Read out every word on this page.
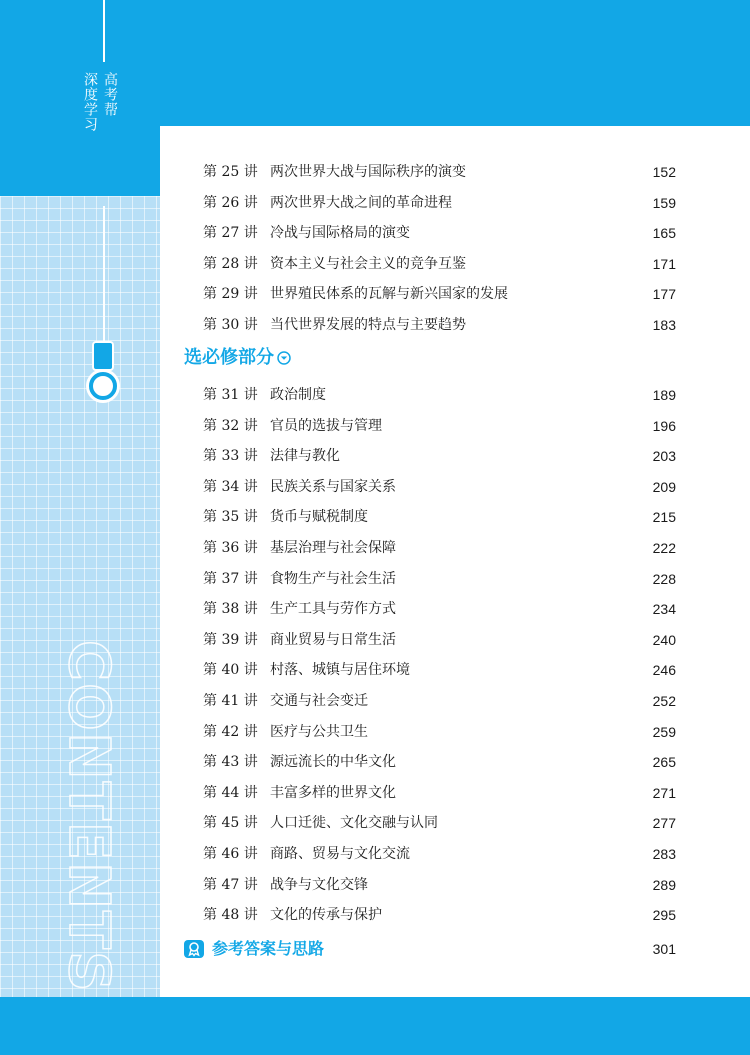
高考帮
深度学习
CONTENTS
第 25 讲 两次世界大战与国际秩序的演变	152
第 26 讲 两次世界大战之间的革命进程	159
第 27 讲 冷战与国际格局的演变	165
第 28 讲 资本主义与社会主义的竞争互鉴	171
第 29 讲 世界殖民体系的瓦解与新兴国家的发展	177
第 30 讲 当代世界发展的特点与主要趋势	183
选必修部分
第 31 讲 政治制度	189
第 32 讲 官员的选拔与管理	196
第 33 讲 法律与教化	203
第 34 讲 民族关系与国家关系	209
第 35 讲 货币与赋税制度	215
第 36 讲 基层治理与社会保障	222
第 37 讲 食物生产与社会生活	228
第 38 讲 生产工具与劳作方式	234
第 39 讲 商业贸易与日常生活	240
第 40 讲 村落、城镇与居住环境	246
第 41 讲 交通与社会变迁	252
第 42 讲 医疗与公共卫生	259
第 43 讲 源远流长的中华文化	265
第 44 讲 丰富多样的世界文化	271
第 45 讲 人口迁徙、文化交融与认同	277
第 46 讲 商路、贸易与文化交流	283
第 47 讲 战争与文化交锋	289
第 48 讲 文化的传承与保护	295
参考答案与思路	301
